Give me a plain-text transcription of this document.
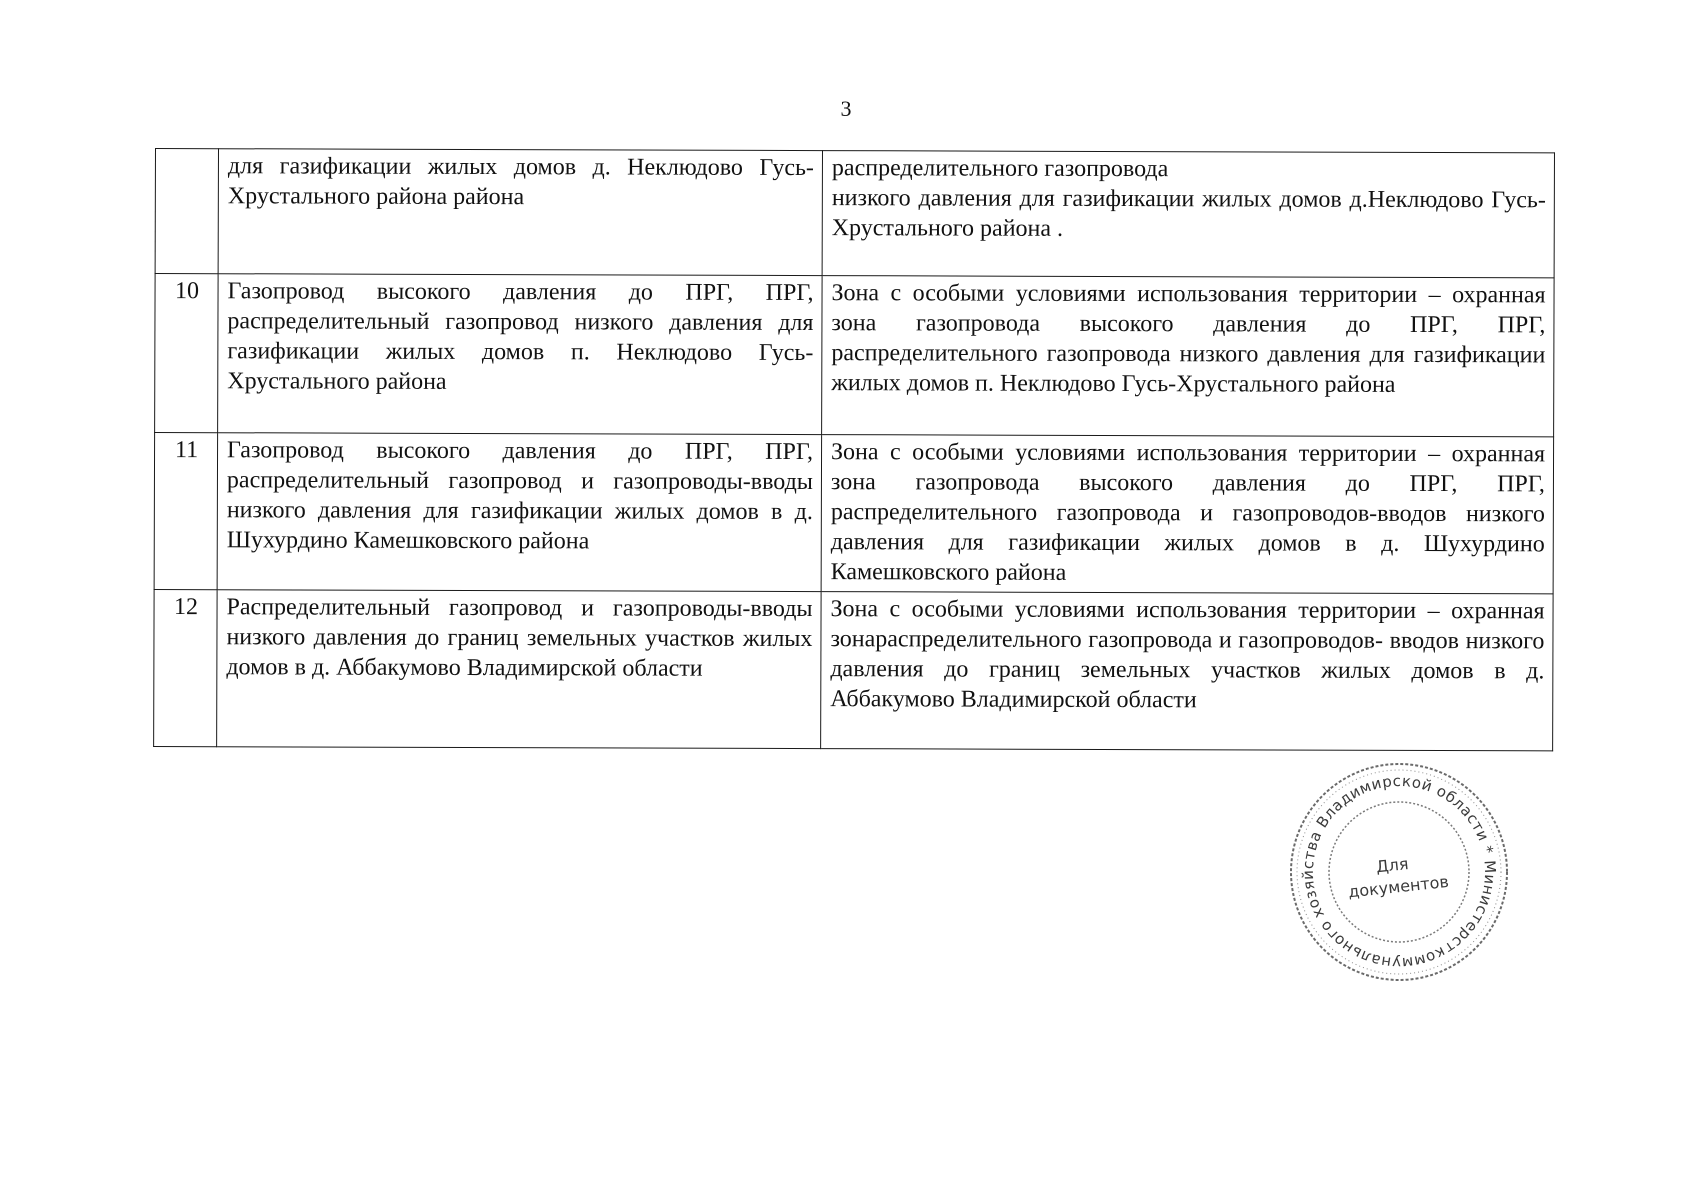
3

	для газификации жилых домов д. Неклюдово Гусь-Хрустального района района	распределительного газопровода
низкого давления для газификации жилых домов д.Неклюдово Гусь-Хрустального района .

10	Газопровод высокого давления до ПРГ, ПРГ, распределительный газопровод низкого давления для газификации жилых домов п. Неклюдово Гусь-Хрустального района	Зона с особыми условиями использования территории – охранная зона газопровода высокого давления до ПРГ, ПРГ, распределительного газопровода низкого давления для газификации жилых домов п. Неклюдово Гусь-Хрустального района

11	Газопровод высокого давления до ПРГ, ПРГ, распределительный газопровод и газопроводы-вводы низкого давления для газификации жилых домов в д. Шухурдино Камешковского района	Зона с особыми условиями использования территории – охранная зона газопровода высокого давления до ПРГ, ПРГ, распределительного газопровода и газопроводов-вводов низкого давления для газификации жилых домов в д. Шухурдино Камешковского района

12	Распределительный газопровод и газопроводы-вводы низкого давления до границ земельных участков жилых домов в д. Аббакумово Владимирской области	Зона с особыми условиями использования территории – охранная зонараспределительного газопровода и газопроводов- вводов низкого давления до границ земельных участков жилых домов в д. Аббакумово Владимирской области
коммунального хозяйства Владимирской области * Министерство
Для
документов
